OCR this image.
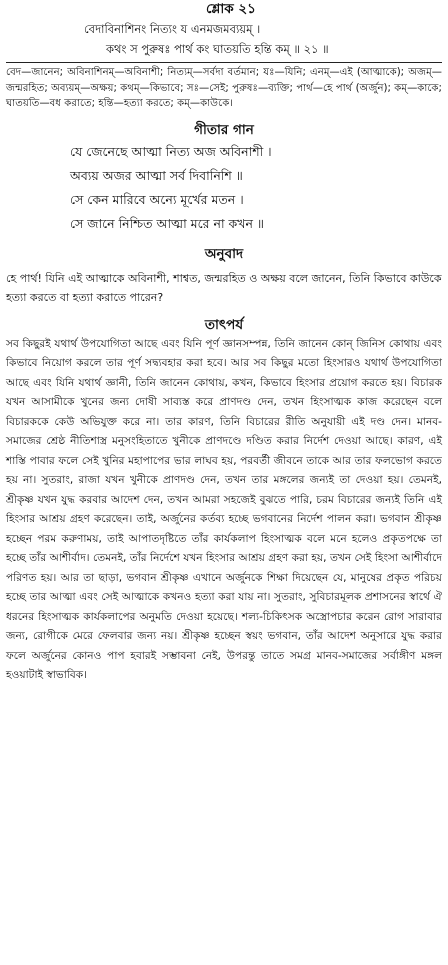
শ্লোক ২১
বেদাবিনাশিনং নিত্যং য এনমজমব্যয়ম্ ।
কথং স পুরুষঃ পার্থ কং ঘাতয়তি হন্তি কম্ ॥ ২১ ॥
বেদ—জানেন; অবিনাশিনম্—অবিনাশী; নিত্যম্—সর্বদা বর্তমান; যঃ—যিনি; এনম্—এই (আত্মাকে); অজম্—জন্মরহিত; অব্যয়ম্—অক্ষয়; কথম্—কিভাবে; সঃ—সেই; পুরুষঃ—ব্যক্তি; পার্থ—হে পার্থ (অর্জুন); কম্—কাকে; ঘাতয়তি—বধ করাতে; হন্তি—হত্যা করতে; কম্—কাউকে।
গীতার গান
যে জেনেছে আত্মা নিত্য অজ অবিনাশী ।
অব্যয় অজর আত্মা সর্ব দিবানিশি ॥
সে কেন মারিবে অন্যে মূর্খের মতন ।
সে জানে নিশ্চিত আত্মা মরে না কখন ॥
অনুবাদ
হে পার্থ! যিনি এই আত্মাকে অবিনাশী, শাশ্বত, জন্মরহিত ও অক্ষয় বলে জানেন, তিনি কিভাবে কাউকে হত্যা করতে বা হত্যা করাতে পারেন?
তাৎপর্য
সব কিছুরই যথার্থ উপযোগিতা আছে এবং যিনি পূর্ণ জ্ঞানসম্পন্ন, তিনি জানেন কোন্ জিনিস কোথায় এবং কিভাবে নিয়োগ করলে তার পূর্ণ সদ্ব্যবহার করা হবে। আর সব কিছুর মতো হিংসারও যথার্থ উপযোগিতা আছে এবং যিনি যথার্থ জ্ঞানী, তিনি জানেন কোথায়, কখন, কিভাবে হিংসার প্রয়োগ করতে হয়। বিচারক যখন আসামীকে খুনের জন্য দোষী সাব্যস্ত করে প্রাণদণ্ড দেন, তখন হিংসাত্মক কাজ করেছেন বলে বিচারককে কেউ অভিযুক্ত করে না। তার কারণ, তিনি বিচারের রীতি অনুযায়ী এই দণ্ড দেন। মানব-সমাজের শ্রেষ্ঠ নীতিশাস্ত্র মনুসংহিতাতে খুনীকে প্রাণদণ্ডে দণ্ডিত করার নির্দেশ দেওয়া আছে। কারণ, এই শাস্তি পাবার ফলে সেই খুনির মহাপাপের ভার লাঘব হয়, পরবর্তী জীবনে তাকে আর তার ফলভোগ করতে হয় না। সুতরাং, রাজা যখন খুনীকে প্রাণদণ্ড দেন, তখন তার মঙ্গলের জন্যই তা দেওয়া হয়। তেমনই, শ্রীকৃষ্ণ যখন যুদ্ধ করবার আদেশ দেন, তখন আমরা সহজেই বুঝতে পারি, চরম বিচারের জন্যই তিনি এই হিংসার আশ্রয় গ্রহণ করেছেন। তাই, অর্জুনের কর্তব্য হচ্ছে ভগবানের নির্দেশ পালন করা। ভগবান শ্রীকৃষ্ণ হচ্ছেন পরম করুণাময়, তাই আপাতদৃষ্টিতে তাঁর কার্যকলাপ হিংসাত্মক বলে মনে হলেও প্রকৃতপক্ষে তা হচ্ছে তাঁর আশীর্বাদ। তেমনই, তাঁর নির্দেশে যখন হিংসার আশ্রয় গ্রহণ করা হয়, তখন সেই হিংসা আশীর্বাদে পরিণত হয়। আর তা ছাড়া, ভগবান শ্রীকৃষ্ণ এখানে অর্জুনকে শিক্ষা দিয়েছেন যে, মানুষের প্রকৃত পরিচয় হচ্ছে তার আত্মা এবং সেই আত্মাকে কখনও হত্যা করা যায় না। সুতরাং, সুবিচারমূলক প্রশাসনের স্বার্থে ঐ ধরনের হিংসাত্মক কার্যকলাপের অনুমতি দেওয়া হয়েছে। শল্য-চিকিৎসক অস্ত্রোপচার করেন রোগ সারাবার জন্য, রোগীকে মেরে ফেলবার জন্য নয়। শ্রীকৃষ্ণ হচ্ছেন স্বয়ং ভগবান, তাঁর আদেশ অনুসারে যুদ্ধ করার ফলে অর্জুনের কোনও পাপ হবারই সম্ভাবনা নেই, উপরন্তু তাতে সমগ্র মানব-সমাজের সর্বাঙ্গীণ মঙ্গল হওয়াটাই স্বাভাবিক।
